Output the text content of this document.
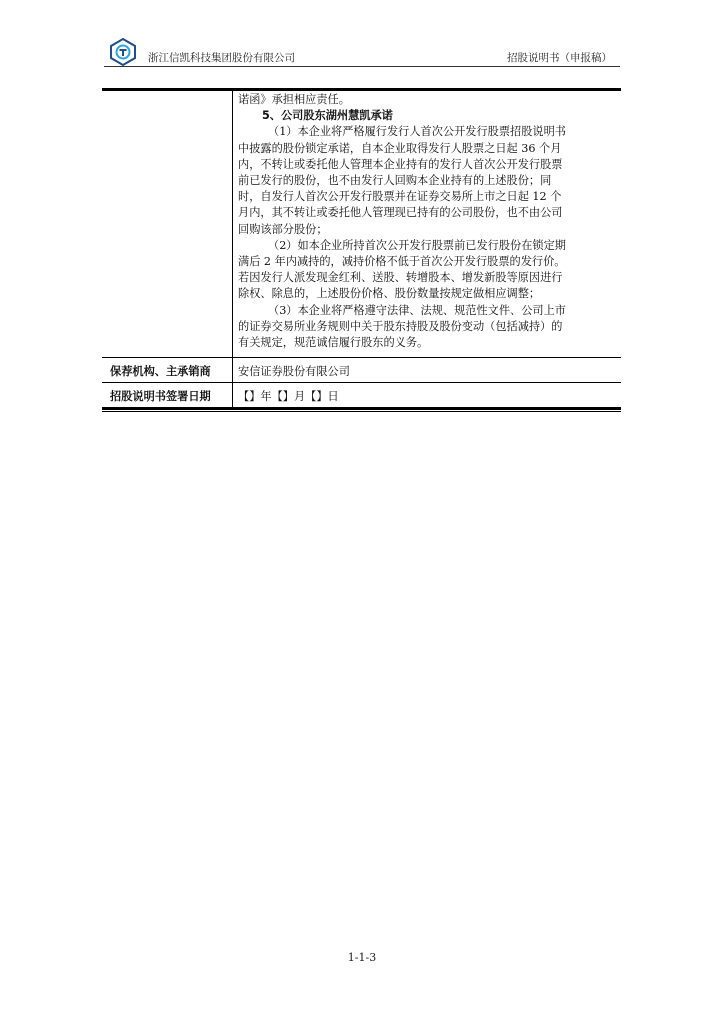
浙江信凯科技集团股份有限公司	招股说明书（申报稿）
诺函》承担相应责任。
5、公司股东湖州慧凯承诺
（1）本企业将严格履行发行人首次公开发行股票招股说明书
中披露的股份锁定承诺，自本企业取得发行人股票之日起 36 个月
内，不转让或委托他人管理本企业持有的发行人首次公开发行股票
前已发行的股份，也不由发行人回购本企业持有的上述股份；同
时，自发行人首次公开发行股票并在证券交易所上市之日起 12 个
月内，其不转让或委托他人管理现已持有的公司股份，也不由公司
回购该部分股份；
（2）如本企业所持首次公开发行股票前已发行股份在锁定期
满后 2 年内减持的，减持价格不低于首次公开发行股票的发行价。
若因发行人派发现金红利、送股、转增股本、增发新股等原因进行
除权、除息的，上述股份价格、股份数量按规定做相应调整；
（3）本企业将严格遵守法律、法规、规范性文件、公司上市
的证券交易所业务规则中关于股东持股及股份变动（包括减持）的
有关规定，规范诚信履行股东的义务。
保荐机构、主承销商	安信证券股份有限公司
招股说明书签署日期	【】年【】月【】日
1-1-3
